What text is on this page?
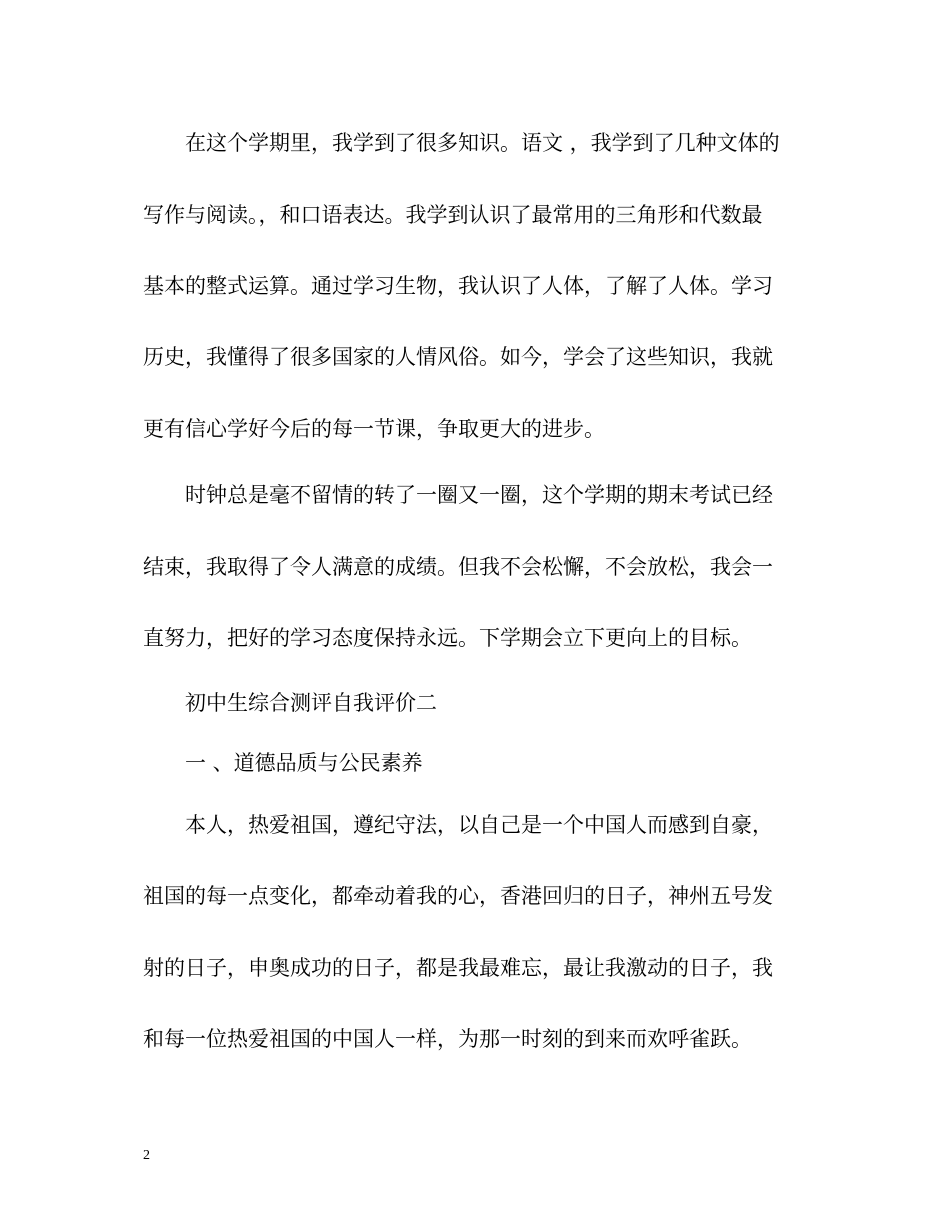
在这个学期里，我学到了很多知识。语文 ，我学到了几种文体的
写作与阅读。，和口语表达。我学到认识了最常用的三角形和代数最
基本的整式运算。通过学习生物，我认识了人体，了解了人体。学习
历史，我懂得了很多国家的人情风俗。如今，学会了这些知识，我就
更有信心学好今后的每一节课，争取更大的进步。
时钟总是毫不留情的转了一圈又一圈，这个学期的期末考试已经
结束，我取得了令人满意的成绩。但我不会松懈，不会放松，我会一
直努力，把好的学习态度保持永远。下学期会立下更向上的目标。
初中生综合测评自我评价二
一 、道德品质与公民素养
本人，热爱祖国，遵纪守法，以自己是一个中国人而感到自豪，
祖国的每一点变化，都牵动着我的心，香港回归的日子，神州五号发
射的日子，申奥成功的日子，都是我最难忘，最让我激动的日子，我
和每一位热爱祖国的中国人一样，为那一时刻的到来而欢呼雀跃。
2
